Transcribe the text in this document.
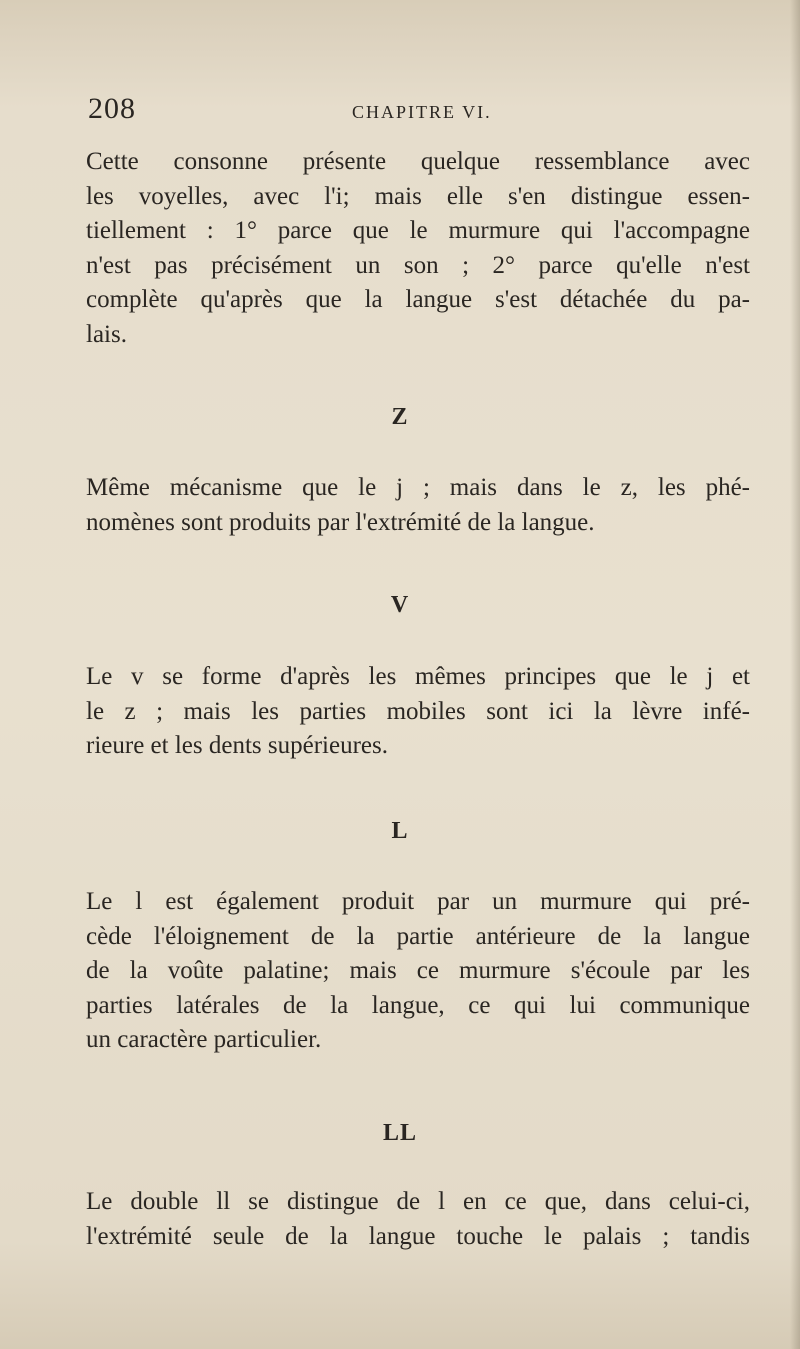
208	CHAPITRE VI.

Cette consonne présente quelque ressemblance avec
les voyelles, avec l'i; mais elle s'en distingue essen-
tiellement : 1° parce que le murmure qui l'accompagne
n'est pas précisément un son ; 2° parce qu'elle n'est
complète qu'après que la langue s'est détachée du pa-
lais.

Z

Même mécanisme que le j ; mais dans le z, les phé-
nomènes sont produits par l'extrémité de la langue.

V

Le v se forme d'après les mêmes principes que le j et
le z ; mais les parties mobiles sont ici la lèvre infé-
rieure et les dents supérieures.

L

Le l est également produit par un murmure qui pré-
cède l'éloignement de la partie antérieure de la langue
de la voûte palatine; mais ce murmure s'écoule par les
parties latérales de la langue, ce qui lui communique
un caractère particulier.

LL

Le double ll se distingue de l en ce que, dans celui-ci,
l'extrémité seule de la langue touche le palais ; tandis
